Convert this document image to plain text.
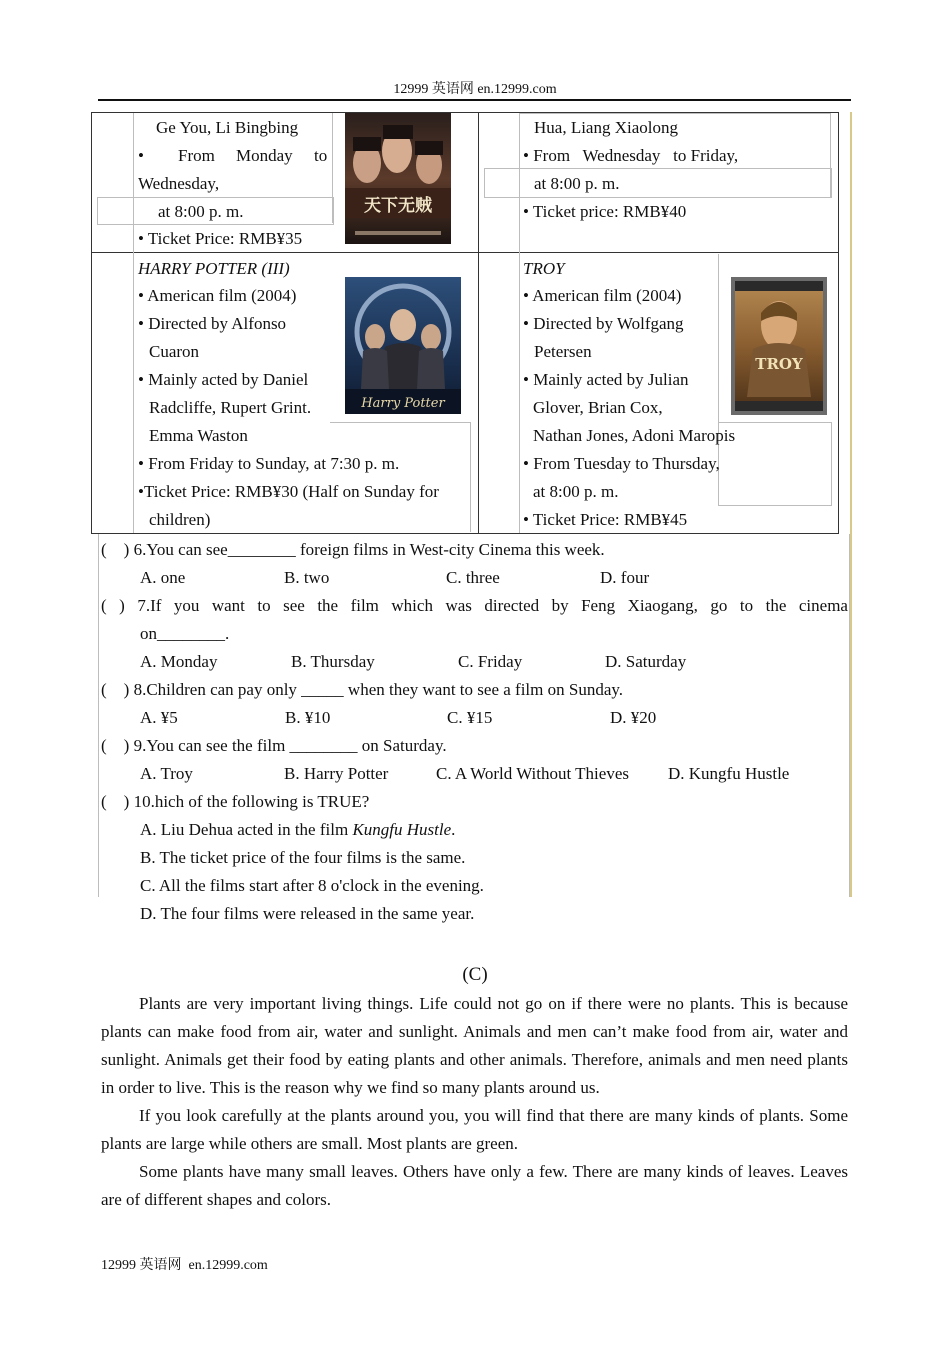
12999 英语网 en.12999.com
Ge You, Li Bingbing
• From Monday to
Wednesday,
at 8:00 p. m.
• Ticket Price: RMB¥35
天下无贼
Hua, Liang Xiaolong
• From   Wednesday   to Friday,
at 8:00 p. m.
• Ticket price: RMB¥40
HARRY POTTER (III)
• American film (2004)
• Directed by Alfonso
Cuaron
• Mainly acted by Daniel
Radcliffe, Rupert Grint.
Emma Waston
• From Friday to Sunday, at 7:30 p. m.
•Ticket Price: RMB¥30 (Half on Sunday for
children)
Harry Potter
TROY
• American film (2004)
• Directed by Wolfgang
Petersen
• Mainly acted by Julian
Glover, Brian Cox,
Nathan Jones, Adoni Maropis
• From Tuesday to Thursday,
at 8:00 p. m.
• Ticket Price: RMB¥45
TROY
(    ) 6.You can see________ foreign films in West-city Cinema this week.
A. one	B. two	C. three	D. four
( ) 7.If you want to see the film which was directed by Feng Xiaogang, go to the cinema
on________.
A. Monday	B. Thursday	C. Friday	D. Saturday
(    ) 8.Children can pay only _____ when they want to see a film on Sunday.
A. ¥5	B. ¥10	C. ¥15	D. ¥20
(    ) 9.You can see the film ________ on Saturday.
A. Troy	B. Harry Potter	C. A World Without Thieves D. Kungfu Hustle
(    ) 10.hich of the following is TRUE?
A. Liu Dehua acted in the film Kungfu Hustle.
B. The ticket price of the four films is the same.
C. All the films start after 8 o'clock in the evening.
D. The four films were released in the same year.
(C)

Plants are very important living things. Life could not go on if there were no plants. This is because plants can make food from air, water and sunlight. Animals and men can’t make food from air, water and sunlight. Animals get their food by eating plants and other animals. Therefore, animals and men need plants in order to live. This is the reason why we find so many plants around us.

If you look carefully at the plants around you, you will find that there are many kinds of plants. Some plants are large while others are small. Most plants are green.

Some plants have many small leaves. Others have only a few. There are many kinds of leaves. Leaves are of different shapes and colors.

12999 英语网  en.12999.com
